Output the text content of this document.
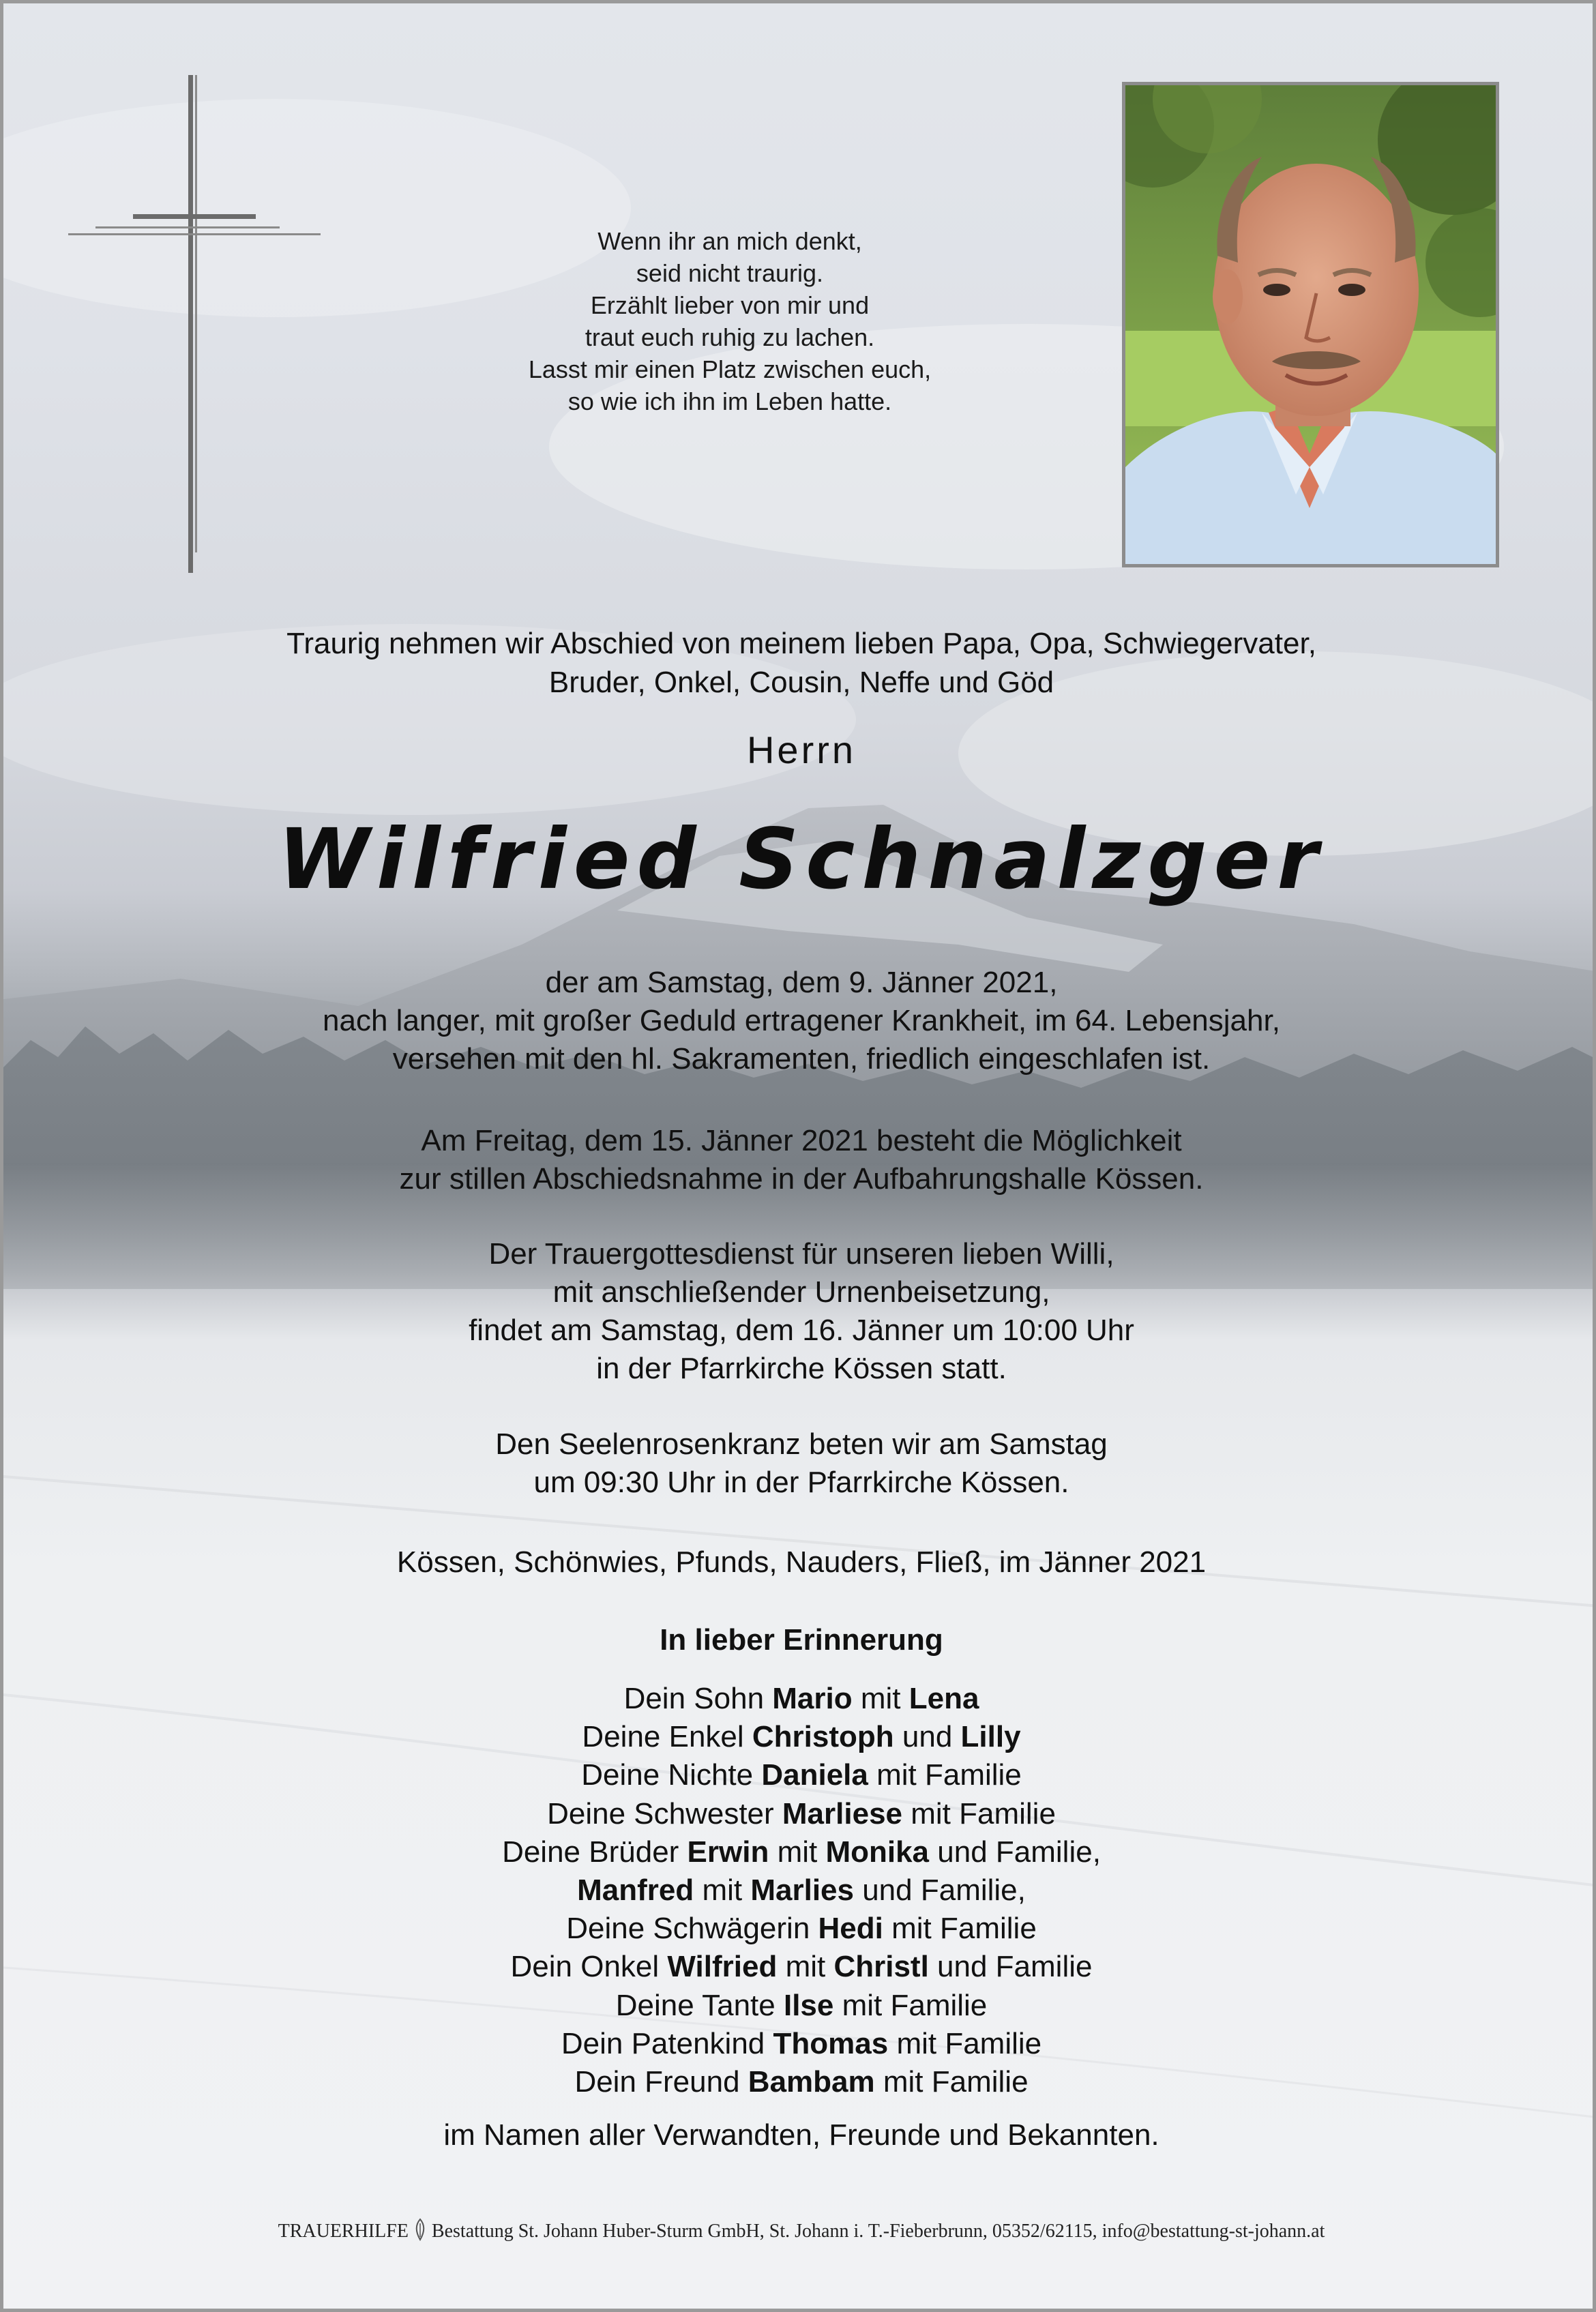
Wenn ihr an mich denkt,
seid nicht traurig.
Erzählt lieber von mir und
traut euch ruhig zu lachen.
Lasst mir einen Platz zwischen euch,
so wie ich ihn im Leben hatte.
Traurig nehmen wir Abschied von meinem lieben Papa, Opa, Schwiegervater,
Bruder, Onkel, Cousin, Neffe und Göd
Herrn
Wilfried Schnalzger
der am Samstag, dem 9. Jänner 2021,
nach langer, mit großer Geduld ertragener Krankheit, im 64. Lebensjahr,
versehen mit den hl. Sakramenten, friedlich eingeschlafen ist.
Am Freitag, dem 15. Jänner 2021 besteht die Möglichkeit
zur stillen Abschiedsnahme in der Aufbahrungshalle Kössen.
Der Trauergottesdienst für unseren lieben Willi,
mit anschließender Urnenbeisetzung,
findet am Samstag, dem 16. Jänner um 10:00 Uhr
in der Pfarrkirche Kössen statt.
Den Seelenrosenkranz beten wir am Samstag
um 09:30 Uhr in der Pfarrkirche Kössen.
Kössen, Schönwies, Pfunds, Nauders, Fließ, im Jänner 2021
In lieber Erinnerung
Dein Sohn Mario mit Lena
Deine Enkel Christoph und Lilly
Deine Nichte Daniela mit Familie
Deine Schwester Marliese mit Familie
Deine Brüder Erwin mit Monika und Familie,
Manfred mit Marlies und Familie,
Deine Schwägerin Hedi mit Familie
Dein Onkel Wilfried mit Christl und Familie
Deine Tante Ilse mit Familie
Dein Patenkind Thomas mit Familie
Dein Freund Bambam mit Familie
im Namen aller Verwandten, Freunde und Bekannten.
TRAUERHILFE Bestattung St. Johann Huber-Sturm GmbH, St. Johann i. T.-Fieberbrunn, 05352/62115, info@bestattung-st-johann.at
